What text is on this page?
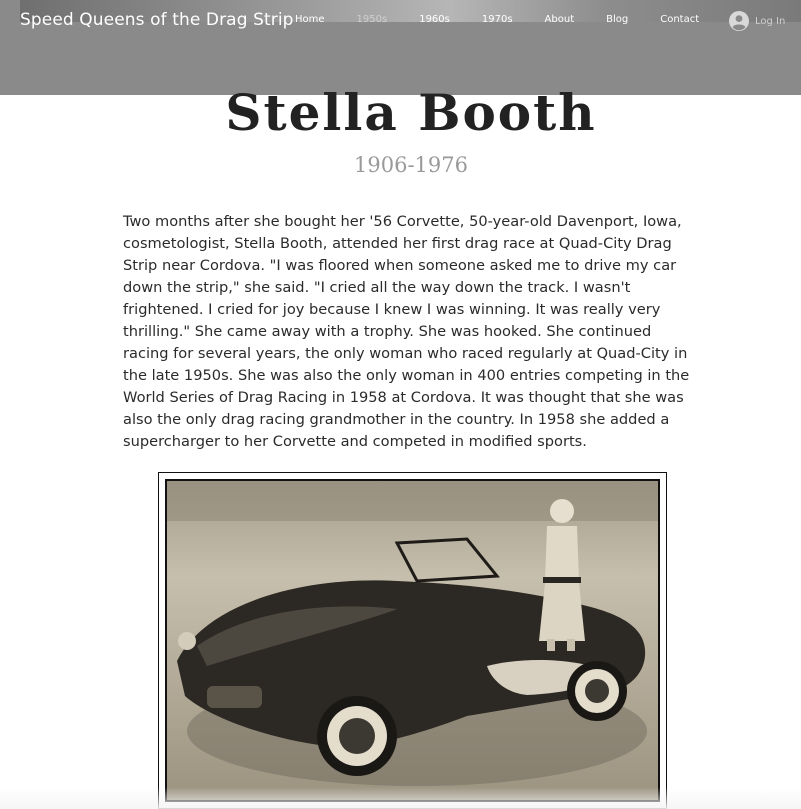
Speed Queens of the Drag Strip Home	1950s	1960s	1970s	About	Blog	Contact	Log In
Stella Booth
1906-1976

Two months after she bought her '56 Corvette, 50-year-old Davenport, Iowa, cosmetologist, Stella Booth, attended her first drag race at Quad-City Drag Strip near Cordova. "I was floored when someone asked me to drive my car down the strip," she said. "I cried all the way down the track. I wasn't frightened. I cried for joy because I knew I was winning. It was really very thrilling." She came away with a trophy. She was hooked. She continued racing for several years, the only woman who raced regularly at Quad-City in the late 1950s. She was also the only woman in 400 entries competing in the World Series of Drag Racing in 1958 at Cordova. It was thought that she was also the only drag racing grandmother in the country. In 1958 she added a supercharger to her Corvette and competed in modified sports.
